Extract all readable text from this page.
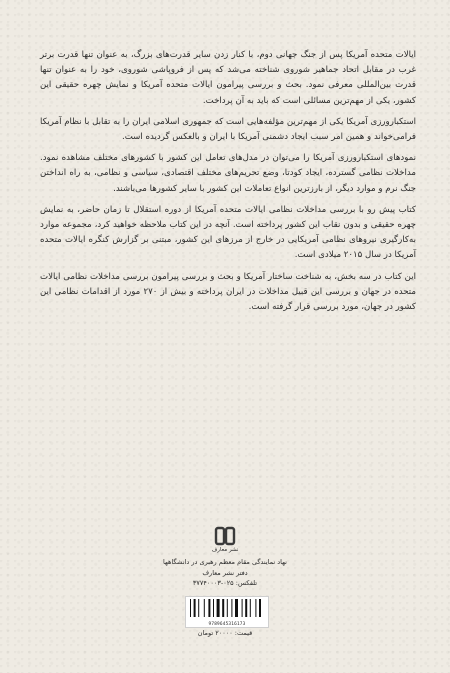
ایالات متحده آمریکا پس از جنگ جهانی دوم، با کنار زدن سایر قدرت‌های بزرگ، به عنوان تنها قدرت برتر غرب در مقابل اتحاد جماهیر شوروی شناخته می‌شد که پس از فروپاشی شوروی، خود را به عنوان تنها قدرت بین‌المللی معرفی نمود. بحث و بررسی پیرامون ایالات متحده آمریکا و نمایش چهره حقیقی این کشور، یکی از مهم‌ترین مسائلی است که باید به آن پرداخت.

استکبارورزی آمریکا یکی از مهم‌ترین مؤلفه‌هایی است که جمهوری اسلامی ایران را به تقابل با نظام آمریکا فرامی‌خواند و همین امر سبب ایجاد دشمنی آمریکا با ایران و بالعکس گردیده است.

نمودهای استکبارورزی آمریکا را می‌توان در مدل‌های تعامل این کشور با کشورهای مختلف مشاهده نمود. مداخلات نظامی گسترده، ایجاد کودتا، وضع تحریم‌های مختلف اقتصادی، سیاسی و نظامی، به راه انداختن جنگ نرم و موارد دیگر، از بارزترین انواع تعاملات این کشور با سایر کشورها می‌باشند.

کتاب پیش رو با بررسی مداخلات نظامی ایالات متحده آمریکا از دوره استقلال تا زمان حاضر، به نمایش چهره حقیقی و بدون نقاب این کشور پرداخته است. آنچه در این کتاب ملاحظه خواهید کرد، مجموعه موارد به‌کارگیری نیروهای نظامی آمریکایی در خارج از مرزهای این کشور، مبتنی بر گزارش کنگره ایالات متحده آمریکا در سال ۲۰۱۵ میلادی است.

این کتاب در سه بخش، به شناخت ساختار آمریکا و بحث و بررسی پیرامون بررسی مداخلات نظامی ایالات متحده در جهان و بررسی این قبیل مداخلات در ایران پرداخته و بیش از ۲۷۰ مورد از اقدامات نظامی این کشور در جهان، مورد بررسی قرار گرفته است.

نشر معارف
نهاد نمایندگی مقام معظم رهبری در دانشگاهها
دفتر نشر معارف
تلفکس: ۰۲۵-۳۷۷۴۰۰۰۳
9789645316173
قیمت: ۲۰۰۰۰ تومان
